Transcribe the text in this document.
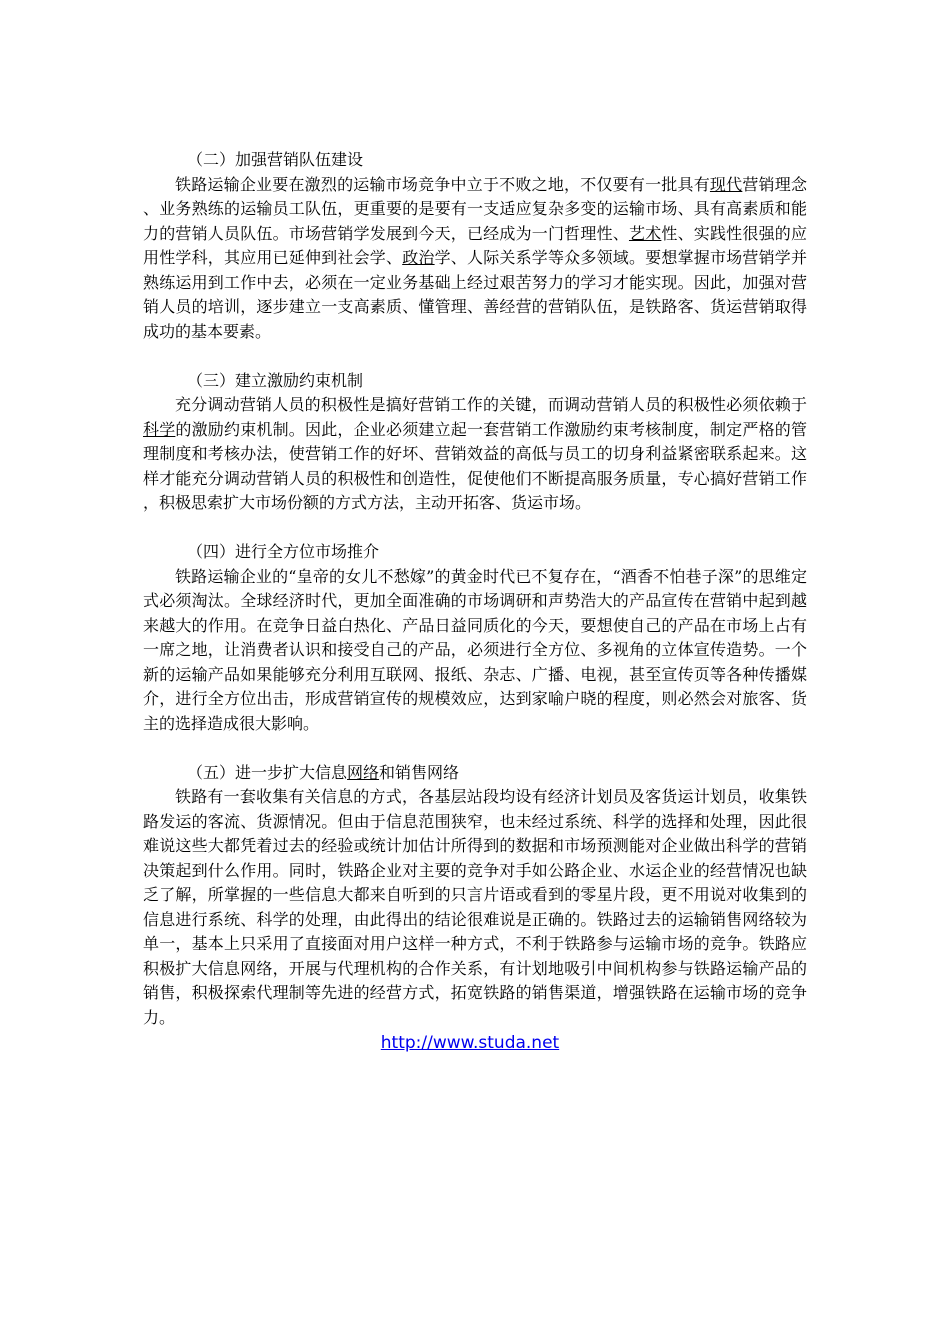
（二）加强营销队伍建设

铁路运输企业要在激烈的运输市场竞争中立于不败之地，不仅要有一批具有现代营销理念、业务熟练的运输员工队伍，更重要的是要有一支适应复杂多变的运输市场、具有高素质和能力的营销人员队伍。市场营销学发展到今天，已经成为一门哲理性、艺术性、实践性很强的应用性学科，其应用已延伸到社会学、政治学、人际关系学等众多领域。要想掌握市场营销学并熟练运用到工作中去，必须在一定业务基础上经过艰苦努力的学习才能实现。因此，加强对营销人员的培训，逐步建立一支高素质、懂管理、善经营的营销队伍，是铁路客、货运营销取得成功的基本要素。

（三）建立激励约束机制

充分调动营销人员的积极性是搞好营销工作的关键，而调动营销人员的积极性必须依赖于科学的激励约束机制。因此，企业必须建立起一套营销工作激励约束考核制度，制定严格的管理制度和考核办法，使营销工作的好坏、营销效益的高低与员工的切身利益紧密联系起来。这样才能充分调动营销人员的积极性和创造性，促使他们不断提高服务质量，专心搞好营销工作，积极思索扩大市场份额的方式方法，主动开拓客、货运市场。

（四）进行全方位市场推介

铁路运输企业的“皇帝的女儿不愁嫁”的黄金时代已不复存在，“酒香不怕巷子深”的思维定式必须淘汰。全球经济时代，更加全面准确的市场调研和声势浩大的产品宣传在营销中起到越来越大的作用。在竞争日益白热化、产品日益同质化的今天，要想使自己的产品在市场上占有一席之地，让消费者认识和接受自己的产品，必须进行全方位、多视角的立体宣传造势。一个新的运输产品如果能够充分利用互联网、报纸、杂志、广播、电视，甚至宣传页等各种传播媒介，进行全方位出击，形成营销宣传的规模效应，达到家喻户晓的程度，则必然会对旅客、货主的选择造成很大影响。

（五）进一步扩大信息网络和销售网络

铁路有一套收集有关信息的方式，各基层站段均设有经济计划员及客货运计划员，收集铁路发运的客流、货源情况。但由于信息范围狭窄，也未经过系统、科学的选择和处理，因此很难说这些大都凭着过去的经验或统计加估计所得到的数据和市场预测能对企业做出科学的营销决策起到什么作用。同时，铁路企业对主要的竞争对手如公路企业、水运企业的经营情况也缺乏了解，所掌握的一些信息大都来自听到的只言片语或看到的零星片段，更不用说对收集到的信息进行系统、科学的处理，由此得出的结论很难说是正确的。铁路过去的运输销售网络较为单一，基本上只采用了直接面对用户这样一种方式，不利于铁路参与运输市场的竞争。铁路应积极扩大信息网络，开展与代理机构的合作关系，有计划地吸引中间机构参与铁路运输产品的销售，积极探索代理制等先进的经营方式，拓宽铁路的销售渠道，增强铁路在运输市场的竞争力。

http://www.studa.net
